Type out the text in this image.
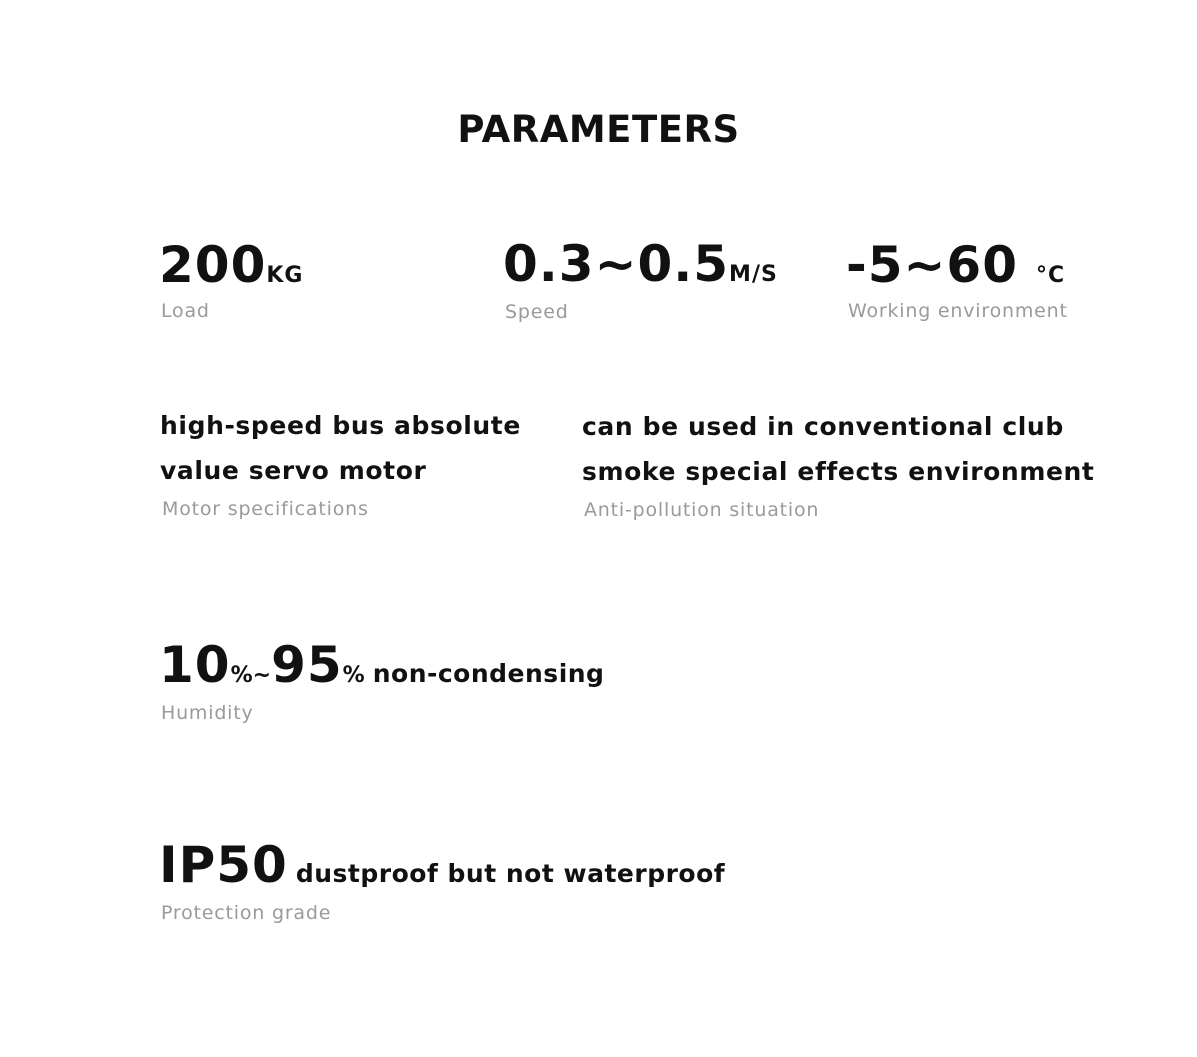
PARAMETERS
200KG
Load
0.3~0.5M/S
Speed
-5~60 °C
Working environment
high-speed bus absolute
value servo motor
Motor specifications
can be used in conventional club
smoke special effects environment
Anti-pollution situation
10%~95% non-condensing
Humidity
IP50 dustproof but not waterproof
Protection grade
